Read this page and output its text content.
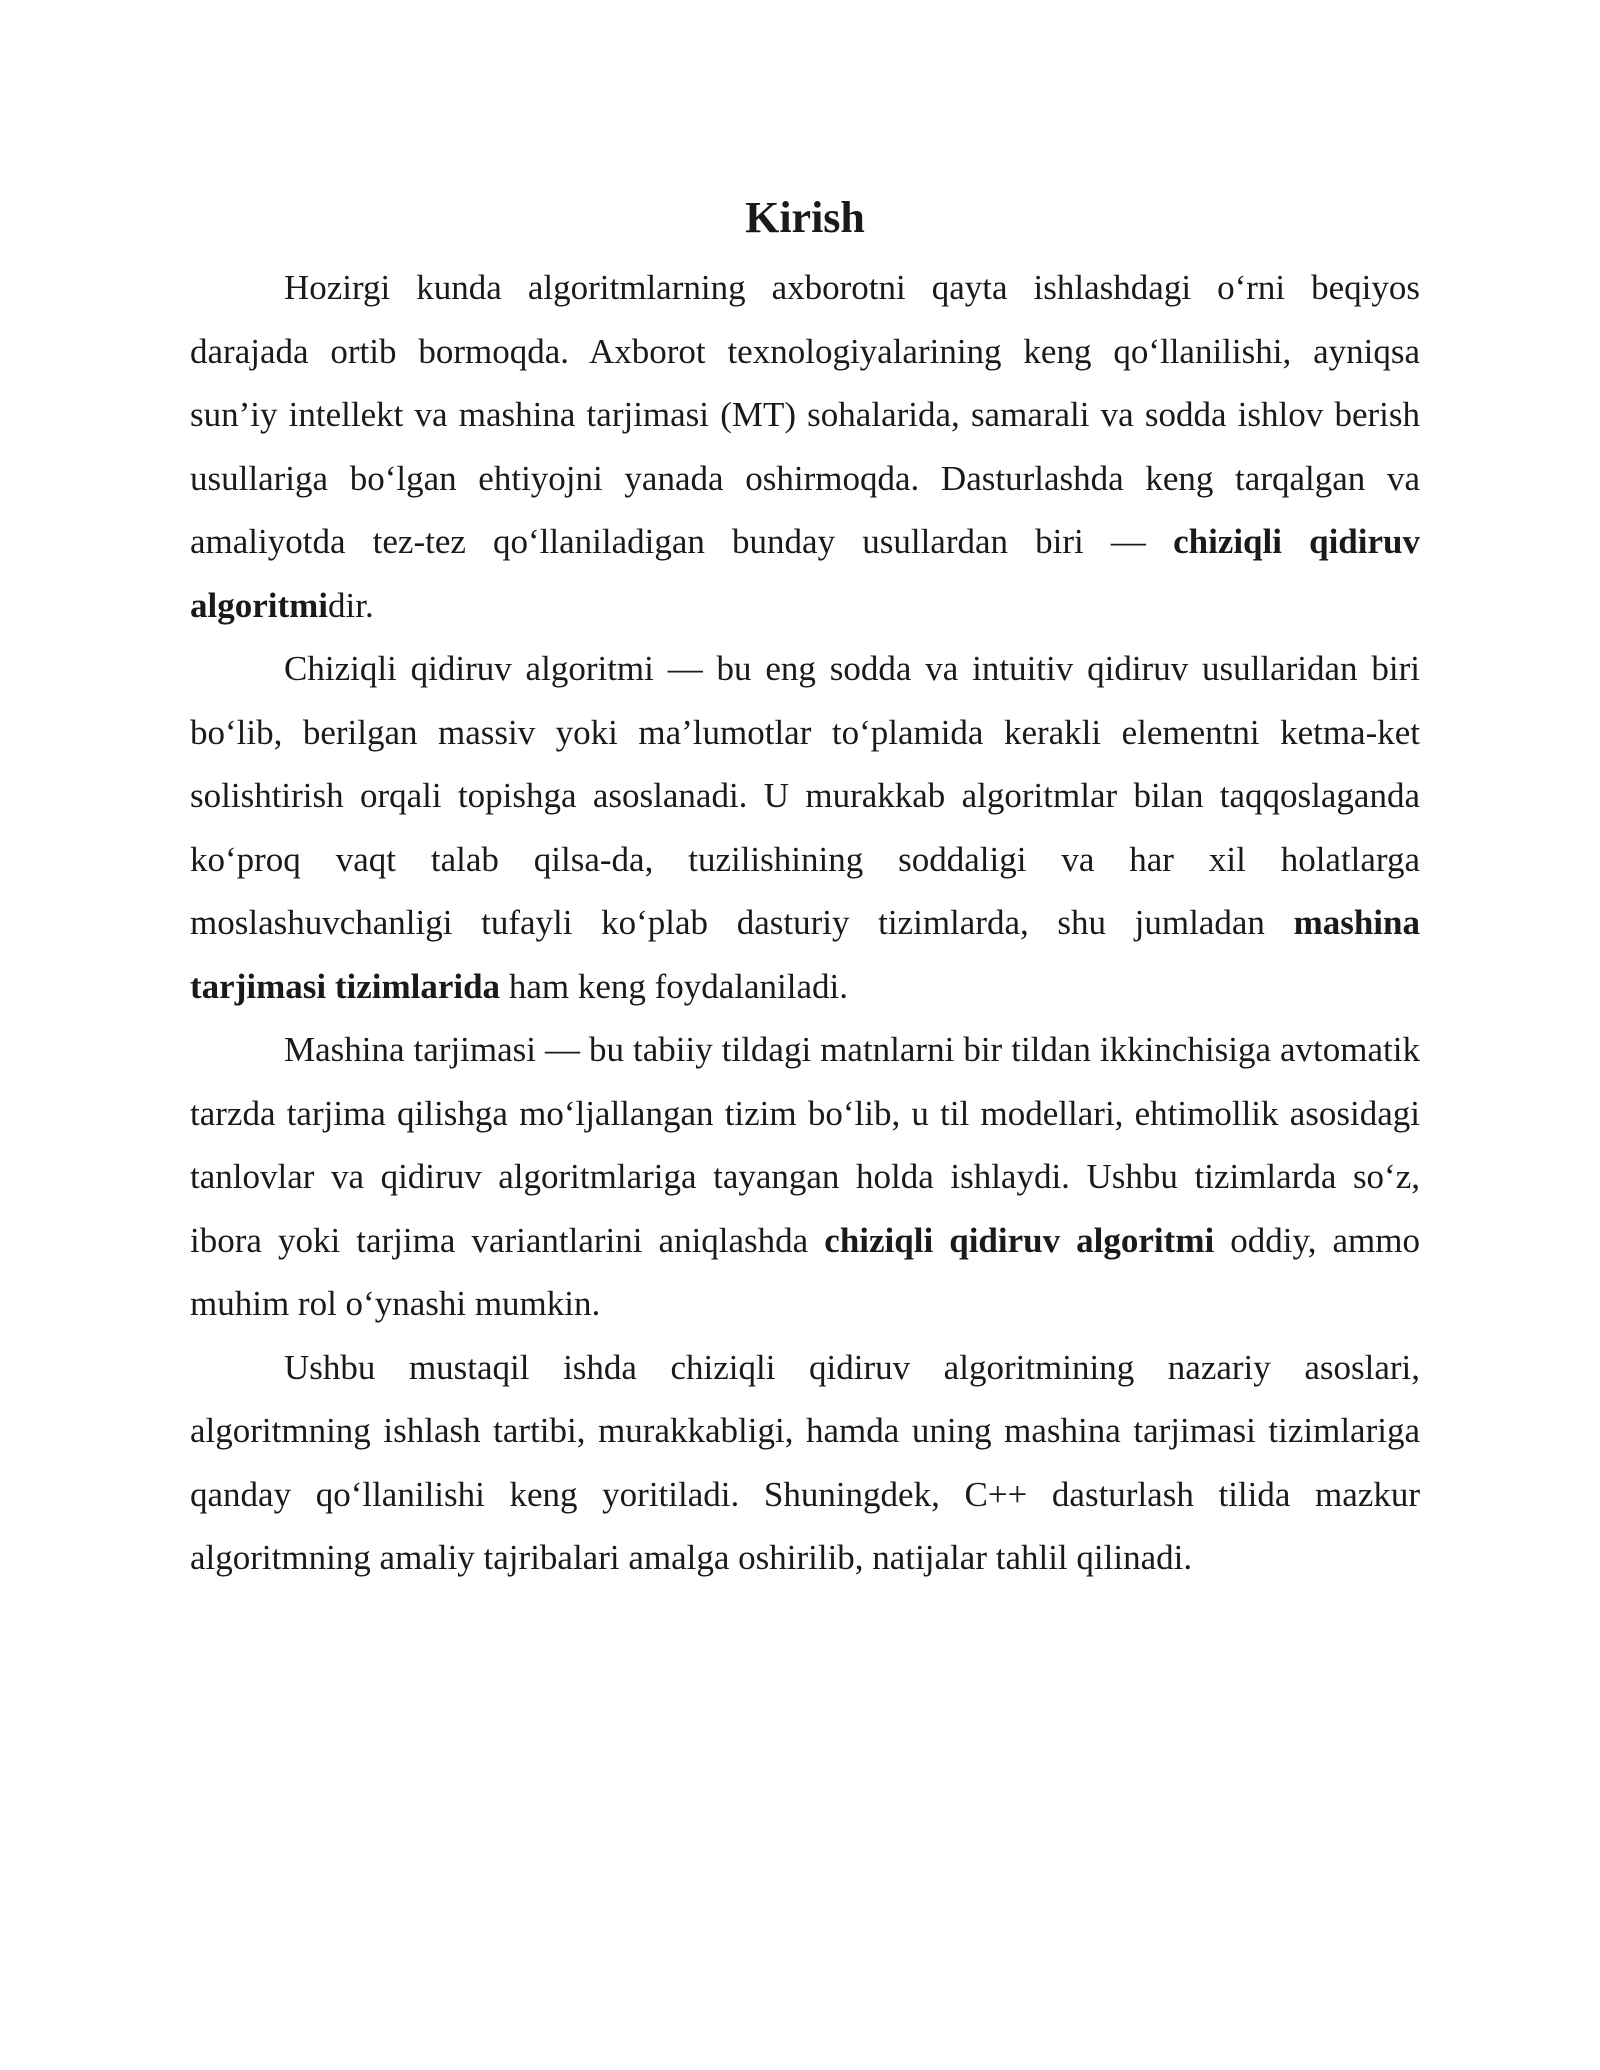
Kirish

Hozirgi kunda algoritmlarning axborotni qayta ishlashdagi o‘rni beqiyos darajada ortib bormoqda. Axborot texnologiyalarining keng qo‘llanilishi, ayniqsa sun’iy intellekt va mashina tarjimasi (MT) sohalarida, samarali va sodda ishlov berish usullariga bo‘lgan ehtiyojni yanada oshirmoqda. Dasturlashda keng tarqalgan va amaliyotda tez-tez qo‘llaniladigan bunday usullardan biri — chiziqli qidiruv algoritmidir.

Chiziqli qidiruv algoritmi — bu eng sodda va intuitiv qidiruv usullaridan biri bo‘lib, berilgan massiv yoki ma’lumotlar to‘plamida kerakli elementni ketma-ket solishtirish orqali topishga asoslanadi. U murakkab algoritmlar bilan taqqoslaganda ko‘proq vaqt talab qilsa-da, tuzilishining soddaligi va har xil holatlarga moslashuvchanligi tufayli ko‘plab dasturiy tizimlarda, shu jumladan mashina tarjimasi tizimlarida ham keng foydalaniladi.

Mashina tarjimasi — bu tabiiy tildagi matnlarni bir tildan ikkinchisiga avtomatik tarzda tarjima qilishga mo‘ljallangan tizim bo‘lib, u til modellari, ehtimollik asosidagi tanlovlar va qidiruv algoritmlariga tayangan holda ishlaydi. Ushbu tizimlarda so‘z, ibora yoki tarjima variantlarini aniqlashda chiziqli qidiruv algoritmi oddiy, ammo muhim rol o‘ynashi mumkin.

Ushbu mustaqil ishda chiziqli qidiruv algoritmining nazariy asoslari, algoritmning ishlash tartibi, murakkabligi, hamda uning mashina tarjimasi tizimlariga qanday qo‘llanilishi keng yoritiladi. Shuningdek, C++ dasturlash tilida mazkur algoritmning amaliy tajribalari amalga oshirilib, natijalar tahlil qilinadi.
